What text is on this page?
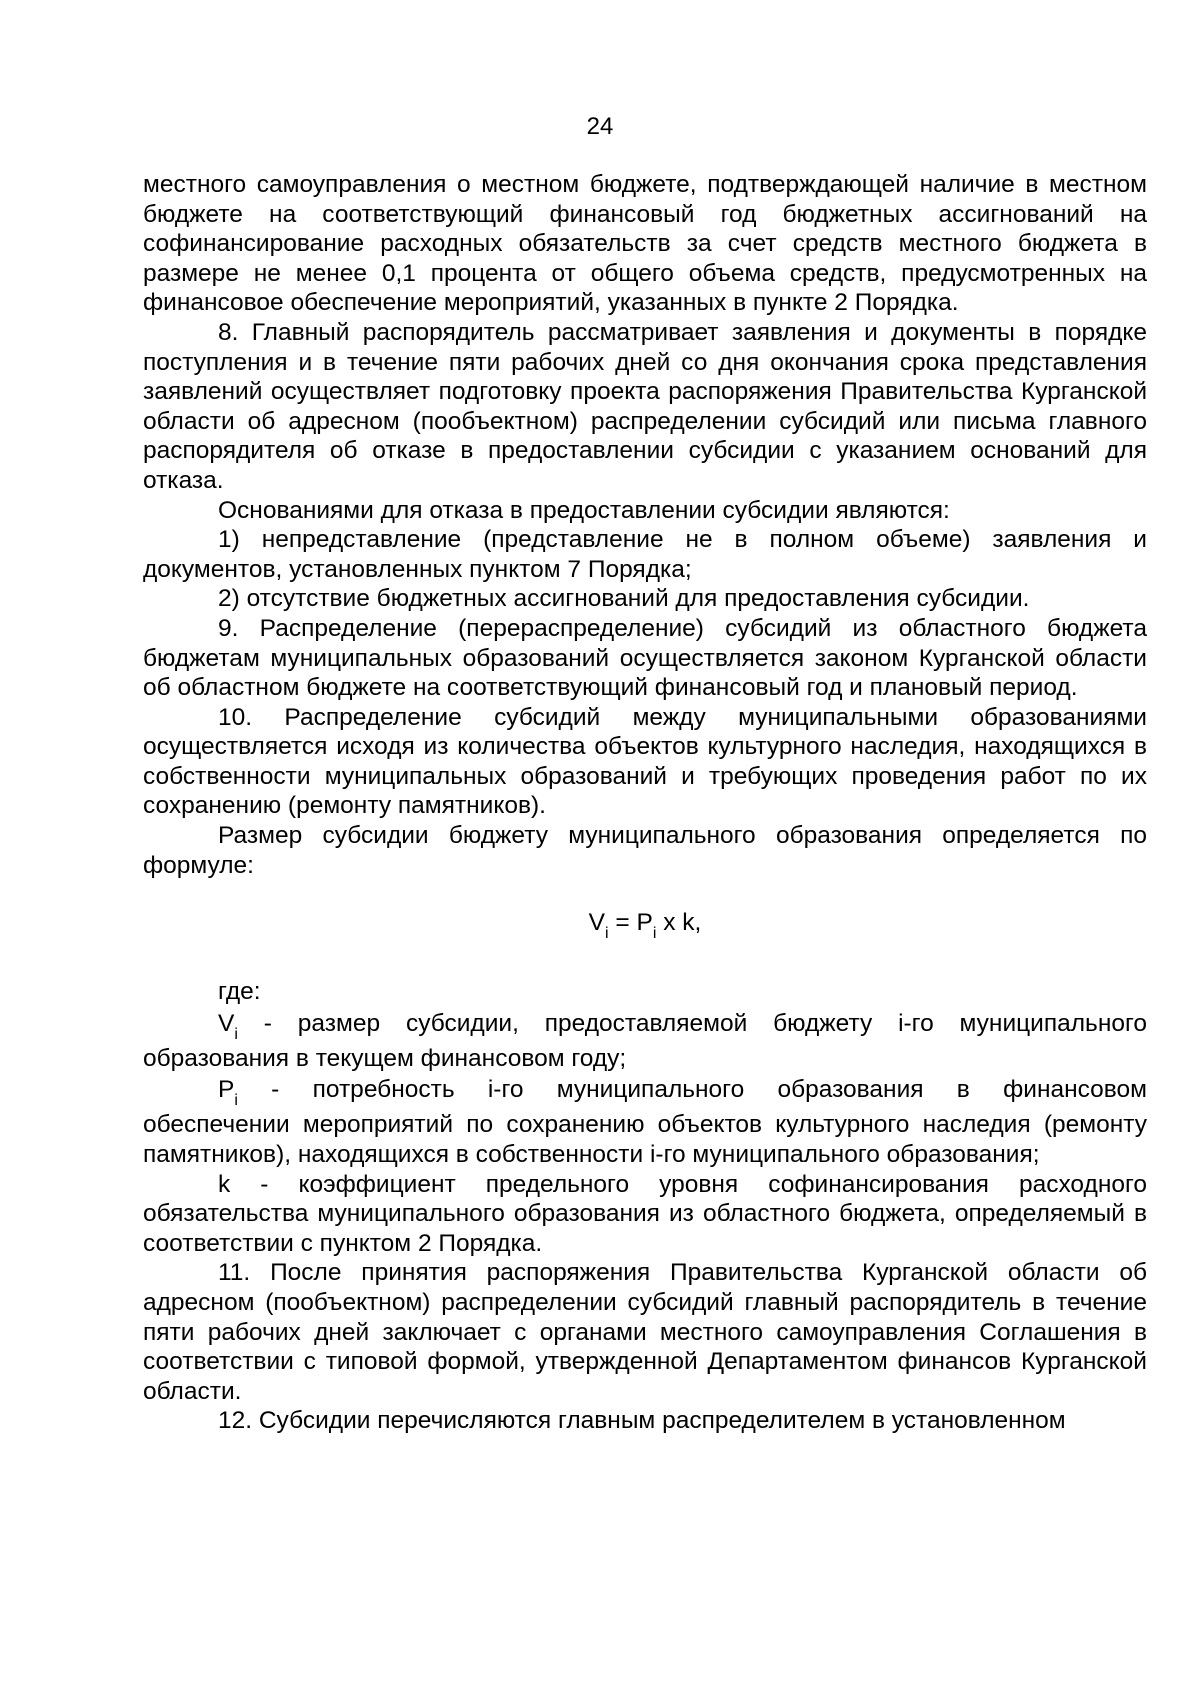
24

местного самоуправления о местном бюджете, подтверждающей наличие в местном бюджете на соответствующий финансовый год бюджетных ассигнований на софинансирование расходных обязательств за счет средств местного бюджета в размере не менее 0,1 процента от общего объема средств, предусмотренных на финансовое обеспечение мероприятий, указанных в пункте 2 Порядка.

8. Главный распорядитель рассматривает заявления и документы в порядке поступления и в течение пяти рабочих дней со дня окончания срока представления заявлений осуществляет подготовку проекта распоряжения Правительства Курганской области об адресном (пообъектном) распределении субсидий или письма главного распорядителя об отказе в предоставлении субсидии с указанием оснований для отказа.

Основаниями для отказа в предоставлении субсидии являются:

1) непредставление (представление не в полном объеме) заявления и документов, установленных пунктом 7 Порядка;

2) отсутствие бюджетных ассигнований для предоставления субсидии.

9. Распределение (перераспределение) субсидий из областного бюджета бюджетам муниципальных образований осуществляется законом Курганской области об областном бюджете на соответствующий финансовый год и плановый период.

10. Распределение субсидий между муниципальными образованиями осуществляется исходя из количества объектов культурного наследия, находящихся в собственности муниципальных образований и требующих проведения работ по их сохранению (ремонту памятников).

Размер субсидии бюджету муниципального образования определяется по формуле:

$V_i = P_i$ x k,

где:

$V_i$ - размер субсидии, предоставляемой бюджету i-го муниципального

образования в текущем финансовом году;

$P_i$ - потребность i-го муниципального образования в финансовом

обеспечении мероприятий по сохранению объектов культурного наследия (ремонту памятников), находящихся в собственности i-го муниципального образования;

k - коэффициент предельного уровня софинансирования расходного обязательства муниципального образования из областного бюджета, определяемый в соответствии с пунктом 2 Порядка.

11. После принятия распоряжения Правительства Курганской области об адресном (пообъектном) распределении субсидий главный распорядитель в течение пяти рабочих дней заключает с органами местного самоуправления Соглашения в соответствии с типовой формой, утвержденной Департаментом финансов Курганской области.

12. Субсидии перечисляются главным распределителем в установленном
